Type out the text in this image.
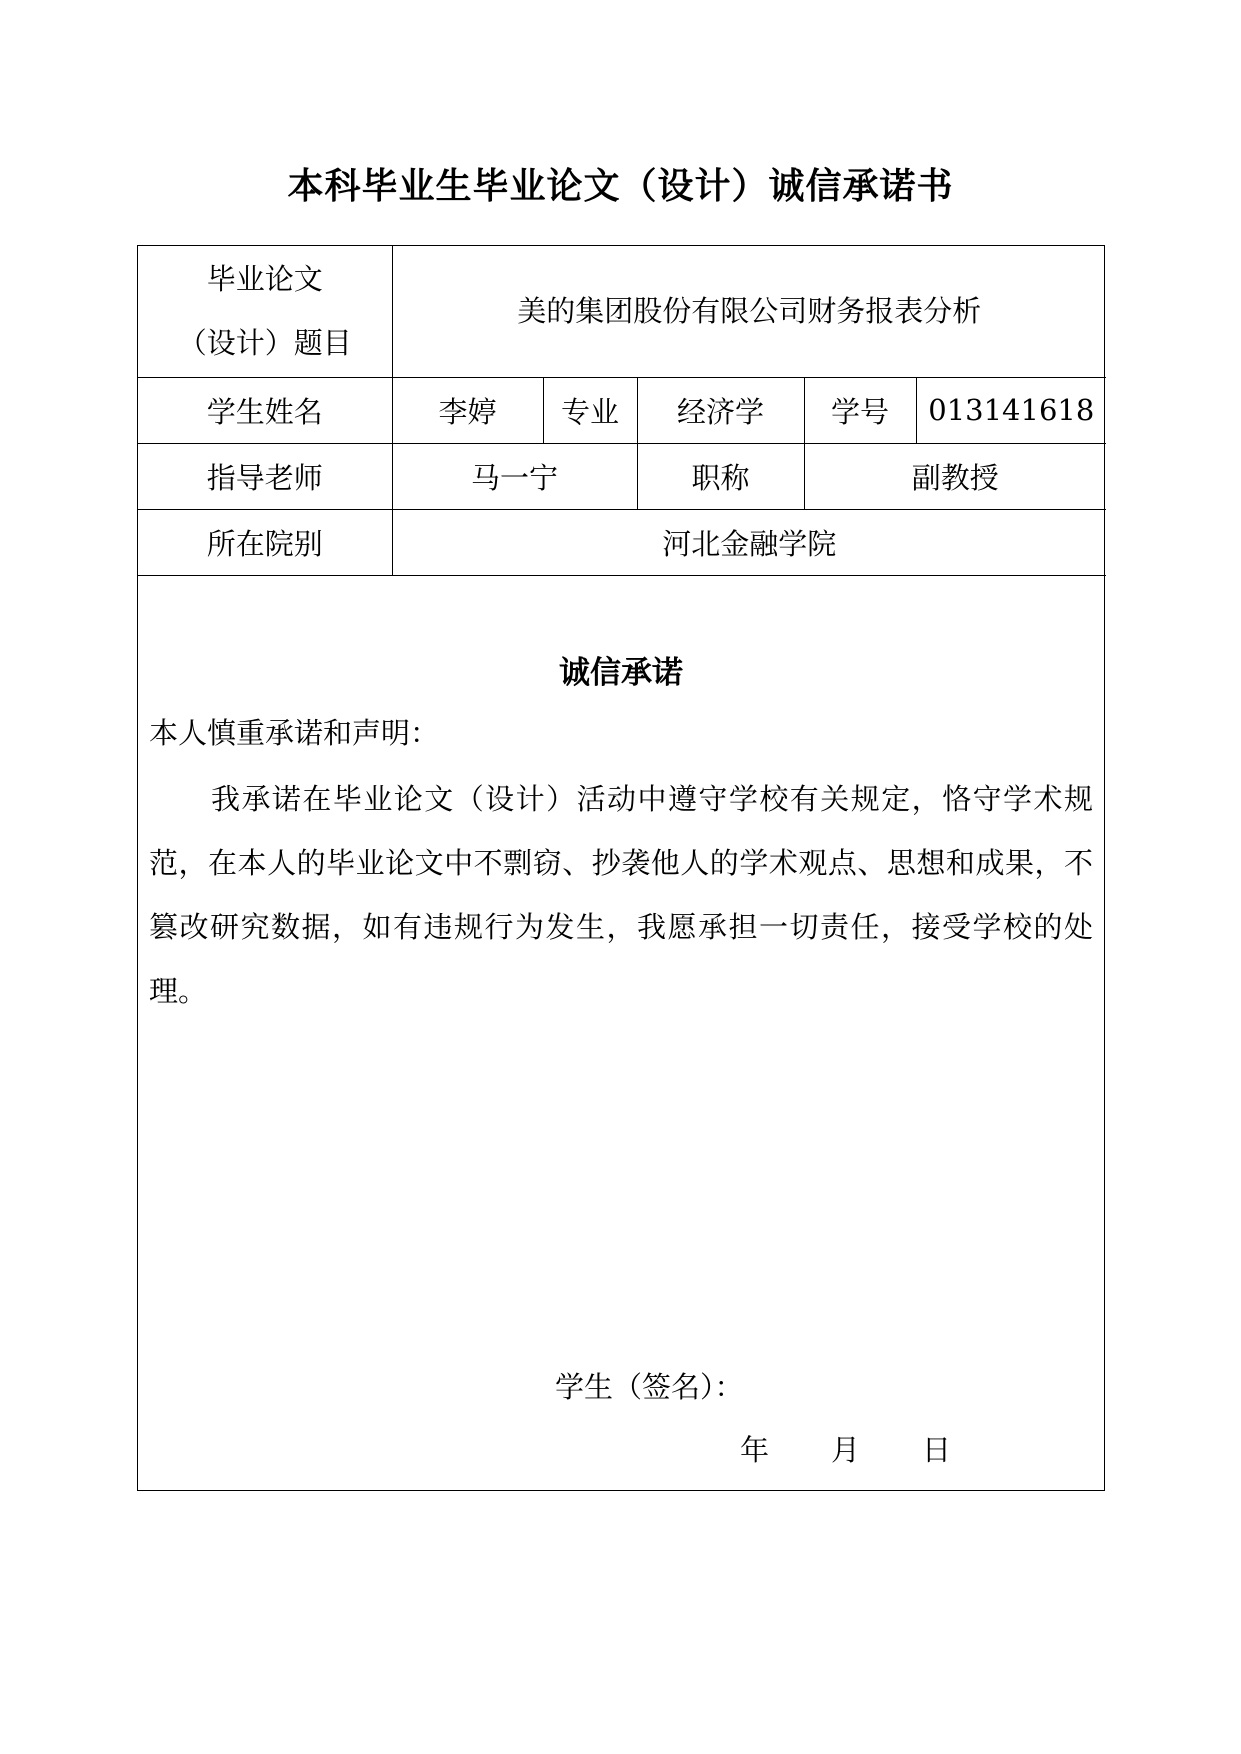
本科毕业生毕业论文（设计）诚信承诺书
毕业论文
（设计）题目	美的集团股份有限公司财务报表分析				
学生姓名	李婷	专业	经济学	学号	013141618
指导老师	马一宁		职称	副教授	
所在院别	河北金融学院				
诚信承诺
本人慎重承诺和声明：

我承诺在毕业论文（设计）活动中遵守学校有关规定，恪守学术规范，在本人的毕业论文中不剽窃、抄袭他人的学术观点、思想和成果，不篡改研究数据，如有违规行为发生，我愿承担一切责任，接受学校的处理。

学生（签名）：
年 月 日
